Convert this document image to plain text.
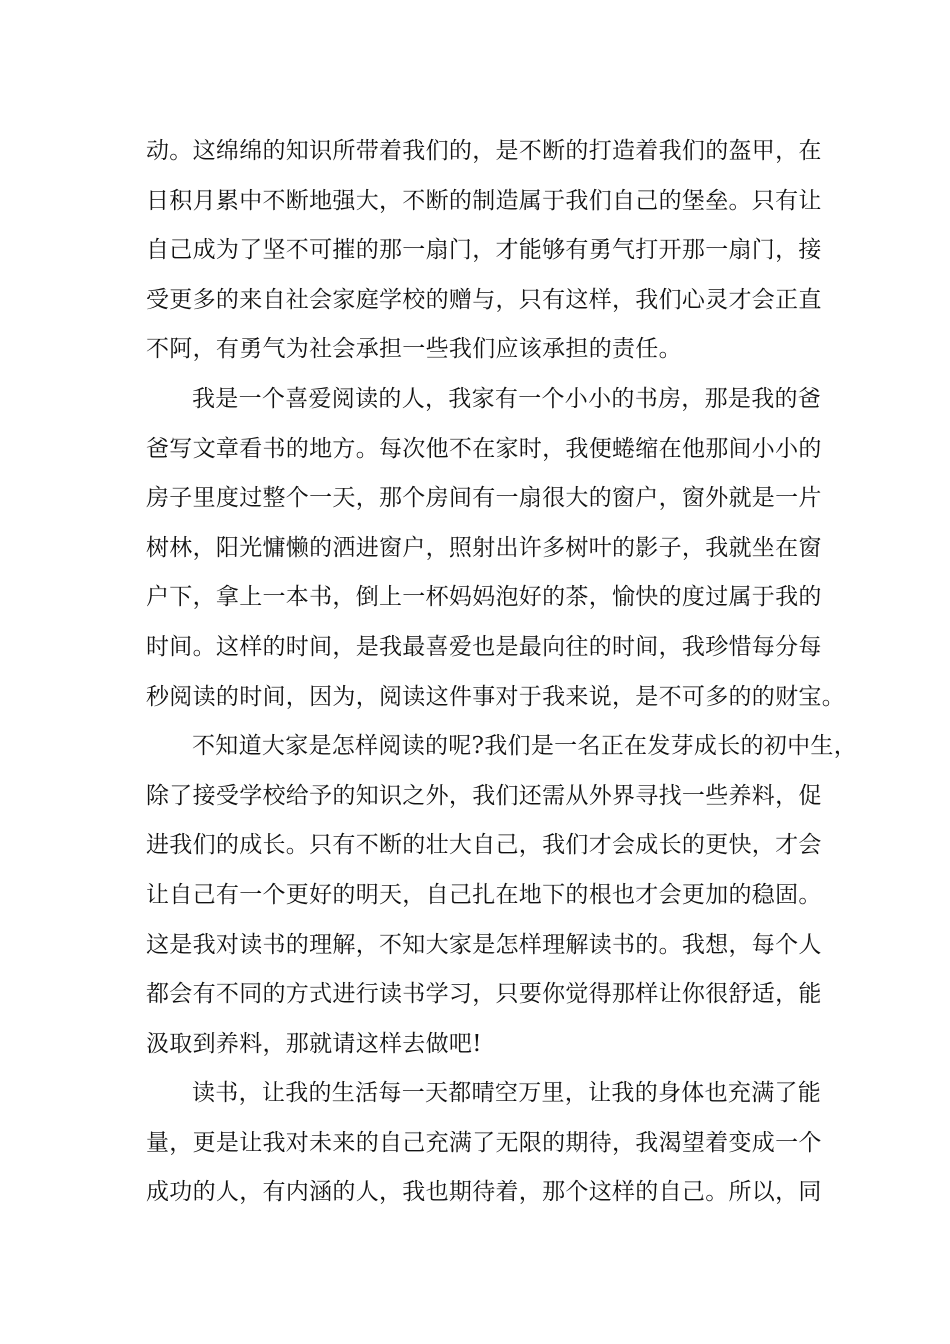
动。这绵绵的知识所带着我们的，是不断的打造着我们的盔甲，在
日积月累中不断地强大，不断的制造属于我们自己的堡垒。只有让
自己成为了坚不可摧的那一扇门，才能够有勇气打开那一扇门，接
受更多的来自社会家庭学校的赠与，只有这样，我们心灵才会正直
不阿，有勇气为社会承担一些我们应该承担的责任。
我是一个喜爱阅读的人，我家有一个小小的书房，那是我的爸
爸写文章看书的地方。每次他不在家时，我便蜷缩在他那间小小的
房子里度过整个一天，那个房间有一扇很大的窗户，窗外就是一片
树林，阳光慵懒的洒进窗户，照射出许多树叶的影子，我就坐在窗
户下，拿上一本书，倒上一杯妈妈泡好的茶，愉快的度过属于我的
时间。这样的时间，是我最喜爱也是最向往的时间，我珍惜每分每
秒阅读的时间，因为，阅读这件事对于我来说，是不可多的的财宝。
不知道大家是怎样阅读的呢?我们是一名正在发芽成长的初中生，
除了接受学校给予的知识之外，我们还需从外界寻找一些养料，促
进我们的成长。只有不断的壮大自己，我们才会成长的更快，才会
让自己有一个更好的明天，自己扎在地下的根也才会更加的稳固。
这是我对读书的理解，不知大家是怎样理解读书的。我想，每个人
都会有不同的方式进行读书学习，只要你觉得那样让你很舒适，能
汲取到养料，那就请这样去做吧!
读书，让我的生活每一天都晴空万里，让我的身体也充满了能
量，更是让我对未来的自己充满了无限的期待，我渴望着变成一个
成功的人，有内涵的人，我也期待着，那个这样的自己。所以，同
